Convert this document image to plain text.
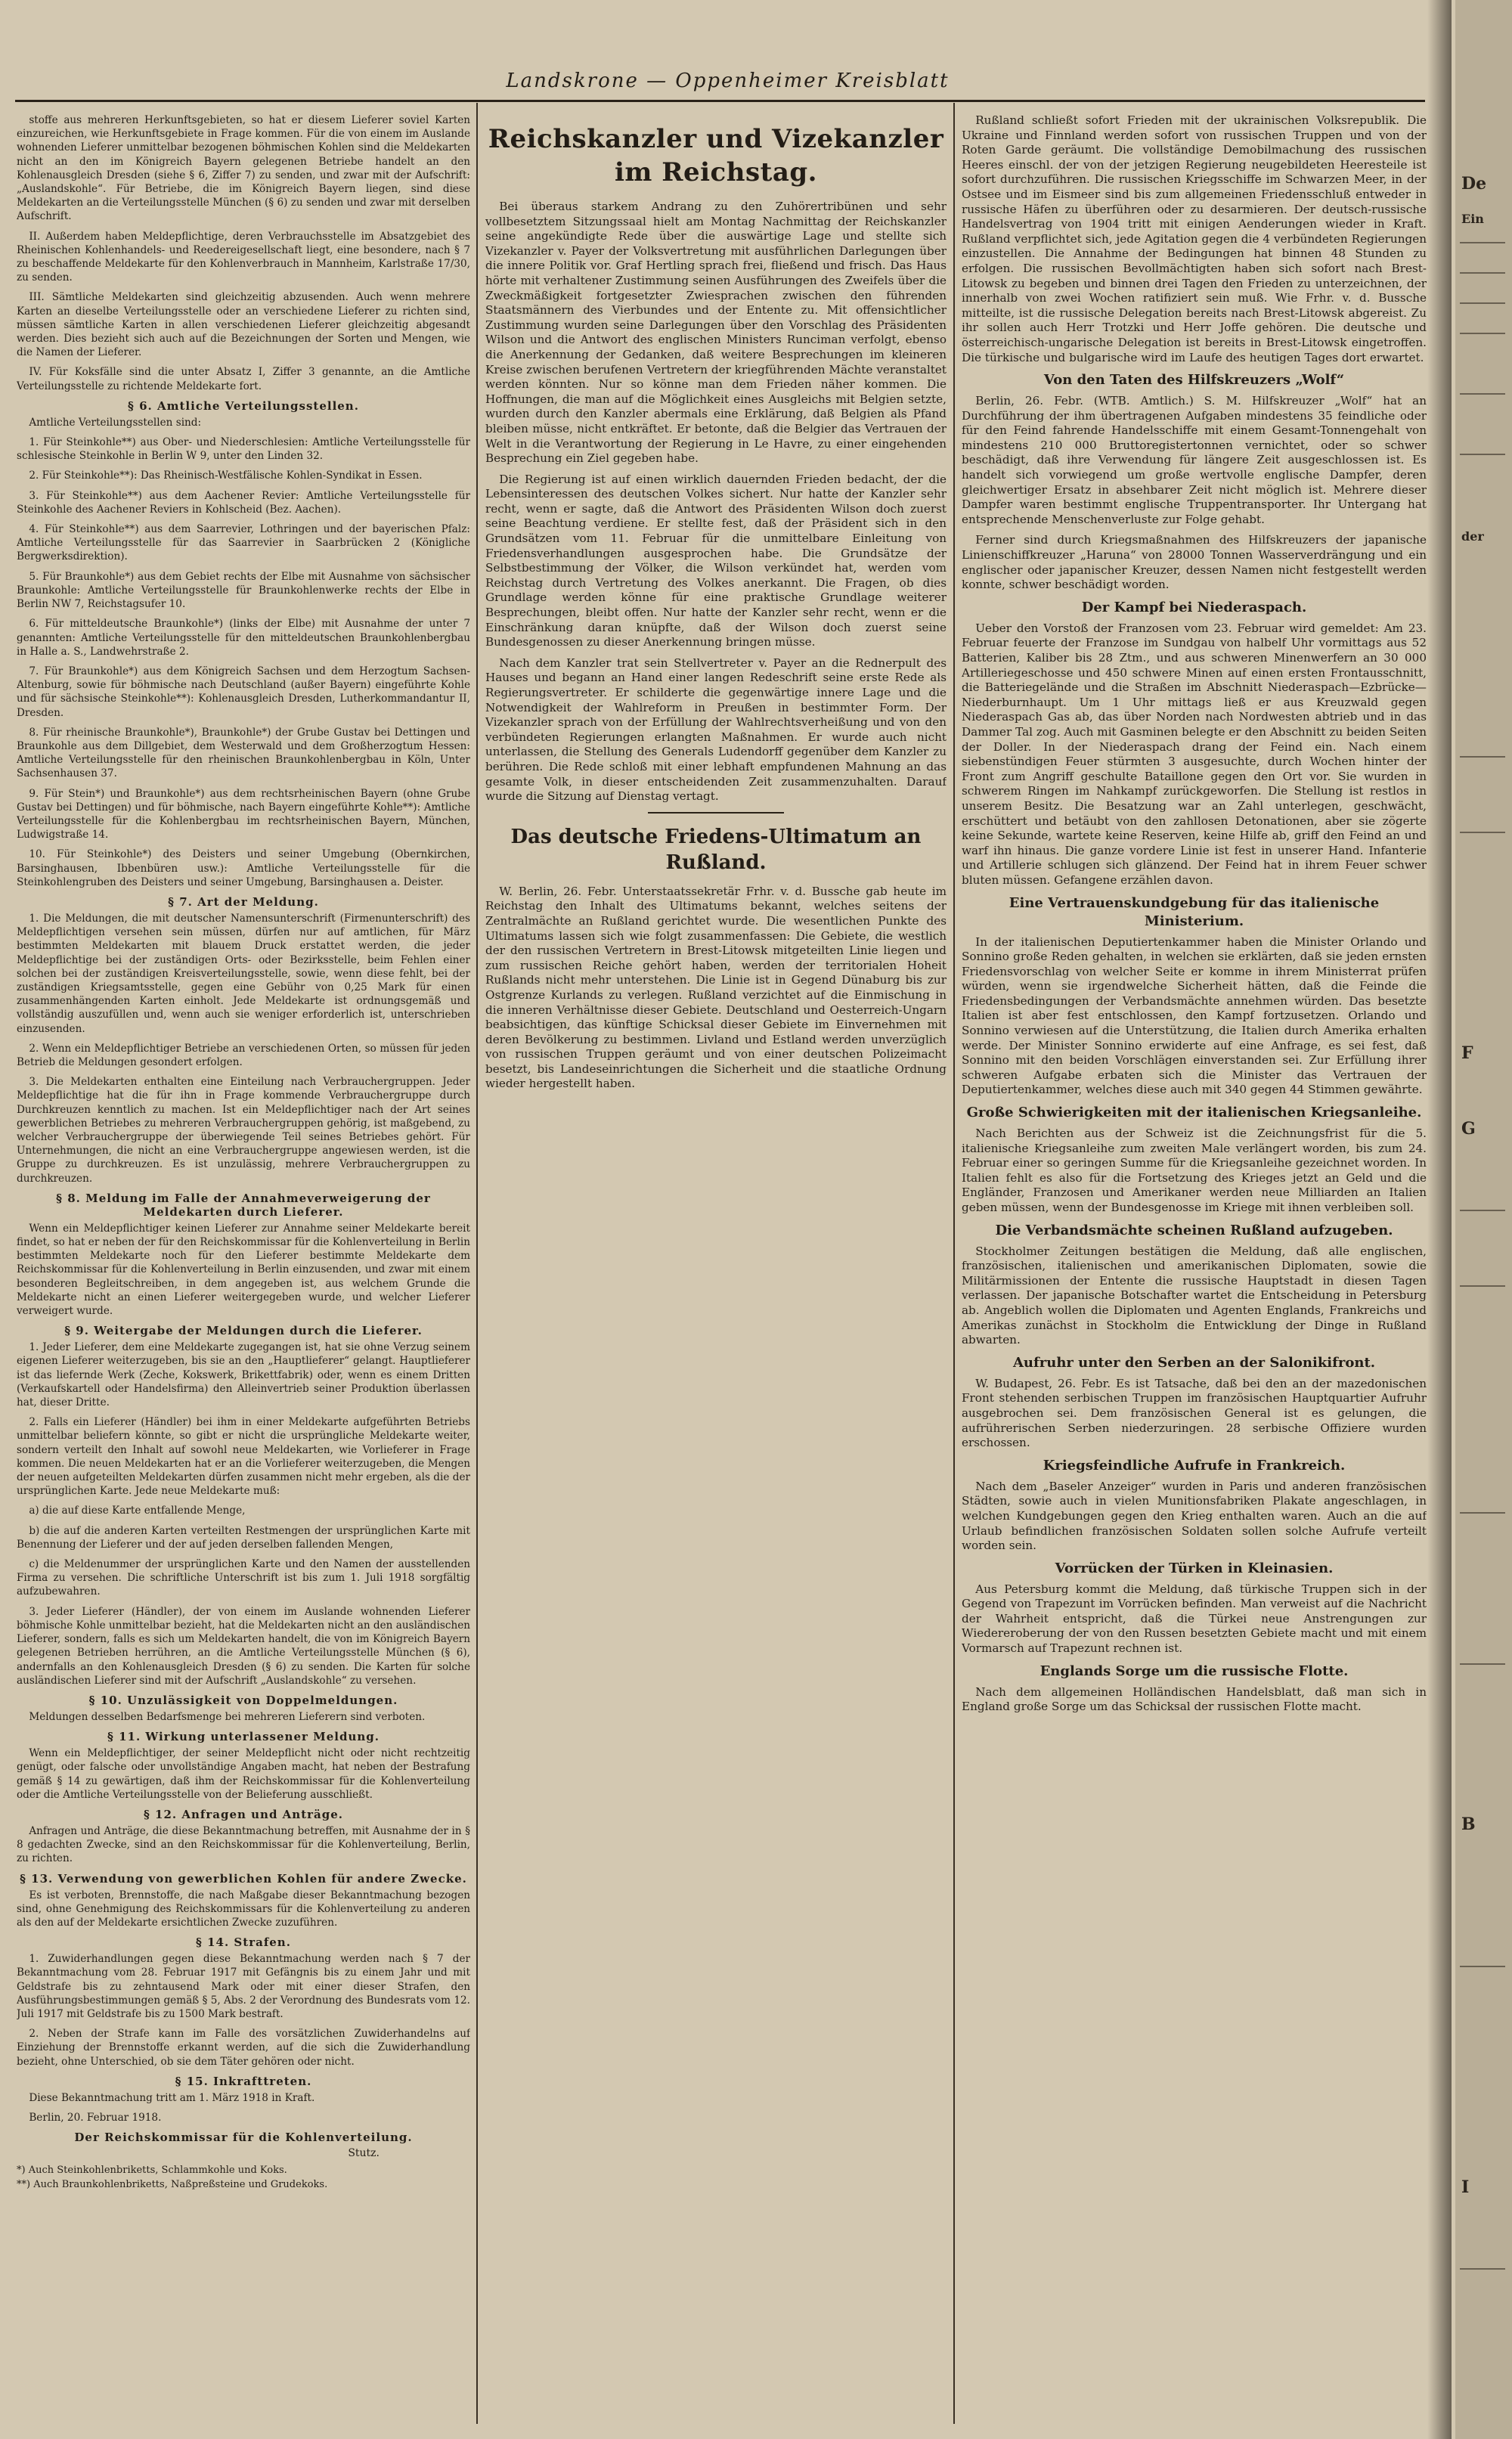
Landskrone — Oppenheimer Kreisblatt

stoffe aus mehreren Herkunftsgebieten, so hat er diesem Lieferer soviel Karten einzureichen, wie Herkunftsgebiete in Frage kommen. Für die von einem im Auslande wohnenden Lieferer unmittelbar bezogenen böhmischen Kohlen sind die Meldekarten nicht an den im Königreich Bayern gelegenen Betriebe handelt an den Kohlenausgleich Dresden (siehe § 6, Ziffer 7) zu senden, und zwar mit der Aufschrift: „Auslandskohle“. Für Betriebe, die im Königreich Bayern liegen, sind diese Meldekarten an die Verteilungsstelle München (§ 6) zu senden und zwar mit derselben Aufschrift.

II. Außerdem haben Meldepflichtige, deren Verbrauchsstelle im Absatzgebiet des Rheinischen Kohlenhandels- und Reedereigesellschaft liegt, eine besondere, nach § 7 zu beschaffende Meldekarte für den Kohlenverbrauch in Mannheim, Karlstraße 17/30, zu senden.

III. Sämtliche Meldekarten sind gleichzeitig abzusenden. Auch wenn mehrere Karten an dieselbe Verteilungsstelle oder an verschiedene Lieferer zu richten sind, müssen sämtliche Karten in allen verschiedenen Lieferer gleichzeitig abgesandt werden. Dies bezieht sich auch auf die Bezeichnungen der Sorten und Mengen, wie die Namen der Lieferer.

IV. Für Koksfälle sind die unter Absatz I, Ziffer 3 genannte, an die Amtliche Verteilungsstelle zu richtende Meldekarte fort.

§ 6. Amtliche Verteilungsstellen.

Amtliche Verteilungsstellen sind:

1. Für Steinkohle**) aus Ober- und Niederschlesien: Amtliche Verteilungsstelle für schlesische Steinkohle in Berlin W 9, unter den Linden 32.

2. Für Steinkohle**): Das Rheinisch-Westfälische Kohlen-Syndikat in Essen.

3. Für Steinkohle**) aus dem Aachener Revier: Amtliche Verteilungsstelle für Steinkohle des Aachener Reviers in Kohlscheid (Bez. Aachen).

4. Für Steinkohle**) aus dem Saarrevier, Lothringen und der bayerischen Pfalz: Amtliche Verteilungsstelle für das Saarrevier in Saarbrücken 2 (Königliche Bergwerksdirektion).

5. Für Braunkohle*) aus dem Gebiet rechts der Elbe mit Ausnahme von sächsischer Braunkohle: Amtliche Verteilungsstelle für Braunkohlenwerke rechts der Elbe in Berlin NW 7, Reichstagsufer 10.

6. Für mitteldeutsche Braunkohle*) (links der Elbe) mit Ausnahme der unter 7 genannten: Amtliche Verteilungsstelle für den mitteldeutschen Braunkohlenbergbau in Halle a. S., Landwehrstraße 2.

7. Für Braunkohle*) aus dem Königreich Sachsen und dem Herzogtum Sachsen-Altenburg, sowie für böhmische nach Deutschland (außer Bayern) eingeführte Kohle und für sächsische Steinkohle**): Kohlenausgleich Dresden, Lutherkommandantur II, Dresden.

8. Für rheinische Braunkohle*), Braunkohle*) der Grube Gustav bei Dettingen und Braunkohle aus dem Dillgebiet, dem Westerwald und dem Großherzogtum Hessen: Amtliche Verteilungsstelle für den rheinischen Braunkohlenbergbau in Köln, Unter Sachsenhausen 37.

9. Für Stein*) und Braunkohle*) aus dem rechtsrheinischen Bayern (ohne Grube Gustav bei Dettingen) und für böhmische, nach Bayern eingeführte Kohle**): Amtliche Verteilungsstelle für die Kohlenbergbau im rechtsrheinischen Bayern, München, Ludwigstraße 14.

10. Für Steinkohle*) des Deisters und seiner Umgebung (Obernkirchen, Barsinghausen, Ibbenbüren usw.): Amtliche Verteilungsstelle für die Steinkohlengruben des Deisters und seiner Umgebung, Barsinghausen a. Deister.

§ 7. Art der Meldung.

1. Die Meldungen, die mit deutscher Namensunterschrift (Firmenunterschrift) des Meldepflichtigen versehen sein müssen, dürfen nur auf amtlichen, für März bestimmten Meldekarten mit blauem Druck erstattet werden, die jeder Meldepflichtige bei der zuständigen Orts- oder Bezirksstelle, beim Fehlen einer solchen bei der zuständigen Kreisverteilungsstelle, sowie, wenn diese fehlt, bei der zuständigen Kriegsamtsstelle, gegen eine Gebühr von 0,25 Mark für einen zusammenhängenden Karten einholt. Jede Meldekarte ist ordnungsgemäß und vollständig auszufüllen und, wenn auch sie weniger erforderlich ist, unterschrieben einzusenden.

2. Wenn ein Meldepflichtiger Betriebe an verschiedenen Orten, so müssen für jeden Betrieb die Meldungen gesondert erfolgen.

3. Die Meldekarten enthalten eine Einteilung nach Verbrauchergruppen. Jeder Meldepflichtige hat die für ihn in Frage kommende Verbrauchergruppe durch Durchkreuzen kenntlich zu machen. Ist ein Meldepflichtiger nach der Art seines gewerblichen Betriebes zu mehreren Verbrauchergruppen gehörig, ist maßgebend, zu welcher Verbrauchergruppe der überwiegende Teil seines Betriebes gehört. Für Unternehmungen, die nicht an eine Verbrauchergruppe angewiesen werden, ist die Gruppe zu durchkreuzen. Es ist unzulässig, mehrere Verbrauchergruppen zu durchkreuzen.

§ 8. Meldung im Falle der Annahmeverweigerung der Meldekarten durch Lieferer.

Wenn ein Meldepflichtiger keinen Lieferer zur Annahme seiner Meldekarte bereit findet, so hat er neben der für den Reichskommissar für die Kohlenverteilung in Berlin bestimmten Meldekarte noch für den Lieferer bestimmte Meldekarte dem Reichskommissar für die Kohlenverteilung in Berlin einzusenden, und zwar mit einem besonderen Begleitschreiben, in dem angegeben ist, aus welchem Grunde die Meldekarte nicht an einen Lieferer weitergegeben wurde, und welcher Lieferer verweigert wurde.

§ 9. Weitergabe der Meldungen durch die Lieferer.

1. Jeder Lieferer, dem eine Meldekarte zugegangen ist, hat sie ohne Verzug seinem eigenen Lieferer weiterzugeben, bis sie an den „Hauptlieferer“ gelangt. Hauptlieferer ist das liefernde Werk (Zeche, Kokswerk, Brikettfabrik) oder, wenn es einem Dritten (Verkaufskartell oder Handelsfirma) den Alleinvertrieb seiner Produktion überlassen hat, dieser Dritte.

2. Falls ein Lieferer (Händler) bei ihm in einer Meldekarte aufgeführten Betriebs unmittelbar beliefern könnte, so gibt er nicht die ursprüngliche Meldekarte weiter, sondern verteilt den Inhalt auf sowohl neue Meldekarten, wie Vorlieferer in Frage kommen. Die neuen Meldekarten hat er an die Vorlieferer weiterzugeben, die Mengen der neuen aufgeteilten Meldekarten dürfen zusammen nicht mehr ergeben, als die der ursprünglichen Karte. Jede neue Meldekarte muß:

a) die auf diese Karte entfallende Menge,

b) die auf die anderen Karten verteilten Restmengen der ursprünglichen Karte mit Benennung der Lieferer und der auf jeden derselben fallenden Mengen,

c) die Meldenummer der ursprünglichen Karte und den Namen der ausstellenden Firma zu versehen. Die schriftliche Unterschrift ist bis zum 1. Juli 1918 sorgfältig aufzubewahren.

3. Jeder Lieferer (Händler), der von einem im Auslande wohnenden Lieferer böhmische Kohle unmittelbar bezieht, hat die Meldekarten nicht an den ausländischen Lieferer, sondern, falls es sich um Meldekarten handelt, die von im Königreich Bayern gelegenen Betrieben herrühren, an die Amtliche Verteilungsstelle München (§ 6), andernfalls an den Kohlenausgleich Dresden (§ 6) zu senden. Die Karten für solche ausländischen Lieferer sind mit der Aufschrift „Auslandskohle“ zu versehen.

§ 10. Unzulässigkeit von Doppelmeldungen.

Meldungen desselben Bedarfsmenge bei mehreren Lieferern sind verboten.

§ 11. Wirkung unterlassener Meldung.

Wenn ein Meldepflichtiger, der seiner Meldepflicht nicht oder nicht rechtzeitig genügt, oder falsche oder unvollständige Angaben macht, hat neben der Bestrafung gemäß § 14 zu gewärtigen, daß ihm der Reichskommissar für die Kohlenverteilung oder die Amtliche Verteilungsstelle von der Belieferung ausschließt.

§ 12. Anfragen und Anträge.

Anfragen und Anträge, die diese Bekanntmachung betreffen, mit Ausnahme der in § 8 gedachten Zwecke, sind an den Reichskommissar für die Kohlenverteilung, Berlin, zu richten.

§ 13. Verwendung von gewerblichen Kohlen für andere Zwecke.

Es ist verboten, Brennstoffe, die nach Maßgabe dieser Bekanntmachung bezogen sind, ohne Genehmigung des Reichskommissars für die Kohlenverteilung zu anderen als den auf der Meldekarte ersichtlichen Zwecke zuzuführen.

§ 14. Strafen.

1. Zuwiderhandlungen gegen diese Bekanntmachung werden nach § 7 der Bekanntmachung vom 28. Februar 1917 mit Gefängnis bis zu einem Jahr und mit Geldstrafe bis zu zehntausend Mark oder mit einer dieser Strafen, den Ausführungsbestimmungen gemäß § 5, Abs. 2 der Verordnung des Bundesrats vom 12. Juli 1917 mit Geldstrafe bis zu 1500 Mark bestraft.

2. Neben der Strafe kann im Falle des vorsätzlichen Zuwiderhandelns auf Einziehung der Brennstoffe erkannt werden, auf die sich die Zuwiderhandlung bezieht, ohne Unterschied, ob sie dem Täter gehören oder nicht.

§ 15. Inkrafttreten.

Diese Bekanntmachung tritt am 1. März 1918 in Kraft.

Berlin, 20. Februar 1918.

Der Reichskommissar für die Kohlenverteilung.
Stutz.
*) Auch Steinkohlenbriketts, Schlammkohle und Koks.
**) Auch Braunkohlenbriketts, Naßpreßsteine und Grudekoks.
Reichskanzler und Vizekanzler im Reichstag.

Bei überaus starkem Andrang zu den Zuhörertribünen und sehr vollbesetztem Sitzungssaal hielt am Montag Nachmittag der Reichskanzler seine angekündigte Rede über die auswärtige Lage und stellte sich Vizekanzler v. Payer der Volksvertretung mit ausführlichen Darlegungen über die innere Politik vor. Graf Hertling sprach frei, fließend und frisch. Das Haus hörte mit verhaltener Zustimmung seinen Ausführungen des Zweifels über die Zweckmäßigkeit fortgesetzter Zwiesprachen zwischen den führenden Staatsmännern des Vierbundes und der Entente zu. Mit offensichtlicher Zustimmung wurden seine Darlegungen über den Vorschlag des Präsidenten Wilson und die Antwort des englischen Ministers Runciman verfolgt, ebenso die Anerkennung der Gedanken, daß weitere Besprechungen im kleineren Kreise zwischen berufenen Vertretern der kriegführenden Mächte veranstaltet werden könnten. Nur so könne man dem Frieden näher kommen. Die Hoffnungen, die man auf die Möglichkeit eines Ausgleichs mit Belgien setzte, wurden durch den Kanzler abermals eine Erklärung, daß Belgien als Pfand bleiben müsse, nicht entkräftet. Er betonte, daß die Belgier das Vertrauen der Welt in die Verantwortung der Regierung in Le Havre, zu einer eingehenden Besprechung ein Ziel gegeben habe.

Die Regierung ist auf einen wirklich dauernden Frieden bedacht, der die Lebensinteressen des deutschen Volkes sichert. Nur hatte der Kanzler sehr recht, wenn er sagte, daß die Antwort des Präsidenten Wilson doch zuerst seine Beachtung verdiene. Er stellte fest, daß der Präsident sich in den Grundsätzen vom 11. Februar für die unmittelbare Einleitung von Friedensverhandlungen ausgesprochen habe. Die Grundsätze der Selbstbestimmung der Völker, die Wilson verkündet hat, werden vom Reichstag durch Vertretung des Volkes anerkannt. Die Fragen, ob dies Grundlage werden könne für eine praktische Grundlage weiterer Besprechungen, bleibt offen. Nur hatte der Kanzler sehr recht, wenn er die Einschränkung daran knüpfte, daß der Wilson doch zuerst seine Bundesgenossen zu dieser Anerkennung bringen müsse.

Nach dem Kanzler trat sein Stellvertreter v. Payer an die Rednerpult des Hauses und begann an Hand einer langen Redeschrift seine erste Rede als Regierungsvertreter. Er schilderte die gegenwärtige innere Lage und die Notwendigkeit der Wahlreform in Preußen in bestimmter Form. Der Vizekanzler sprach von der Erfüllung der Wahlrechtsverheißung und von den verbündeten Regierungen erlangten Maßnahmen. Er wurde auch nicht unterlassen, die Stellung des Generals Ludendorff gegenüber dem Kanzler zu berühren. Die Rede schloß mit einer lebhaft empfundenen Mahnung an das gesamte Volk, in dieser entscheidenden Zeit zusammenzuhalten. Darauf wurde die Sitzung auf Dienstag vertagt.

Das deutsche Friedens-Ultimatum an Rußland.

W. Berlin, 26. Febr. Unterstaatssekretär Frhr. v. d. Bussche gab heute im Reichstag den Inhalt des Ultimatums bekannt, welches seitens der Zentralmächte an Rußland gerichtet wurde. Die wesentlichen Punkte des Ultimatums lassen sich wie folgt zusammenfassen: Die Gebiete, die westlich der den russischen Vertretern in Brest-Litowsk mitgeteilten Linie liegen und zum russischen Reiche gehört haben, werden der territorialen Hoheit Rußlands nicht mehr unterstehen. Die Linie ist in Gegend Dünaburg bis zur Ostgrenze Kurlands zu verlegen. Rußland verzichtet auf die Einmischung in die inneren Verhältnisse dieser Gebiete. Deutschland und Oesterreich-Ungarn beabsichtigen, das künftige Schicksal dieser Gebiete im Einvernehmen mit deren Bevölkerung zu bestimmen. Livland und Estland werden unverzüglich von russischen Truppen geräumt und von einer deutschen Polizeimacht besetzt, bis Landeseinrichtungen die Sicherheit und die staatliche Ordnung wieder hergestellt haben.

Rußland schließt sofort Frieden mit der ukrainischen Volksrepublik. Die Ukraine und Finnland werden sofort von russischen Truppen und von der Roten Garde geräumt. Die vollständige Demobilmachung des russischen Heeres einschl. der von der jetzigen Regierung neugebildeten Heeresteile ist sofort durchzuführen. Die russischen Kriegsschiffe im Schwarzen Meer, in der Ostsee und im Eismeer sind bis zum allgemeinen Friedensschluß entweder in russische Häfen zu überführen oder zu desarmieren. Der deutsch-russische Handelsvertrag von 1904 tritt mit einigen Aenderungen wieder in Kraft. Rußland verpflichtet sich, jede Agitation gegen die 4 verbündeten Regierungen einzustellen. Die Annahme der Bedingungen hat binnen 48 Stunden zu erfolgen. Die russischen Bevollmächtigten haben sich sofort nach Brest-Litowsk zu begeben und binnen drei Tagen den Frieden zu unterzeichnen, der innerhalb von zwei Wochen ratifiziert sein muß. Wie Frhr. v. d. Bussche mitteilte, ist die russische Delegation bereits nach Brest-Litowsk abgereist. Zu ihr sollen auch Herr Trotzki und Herr Joffe gehören. Die deutsche und österreichisch-ungarische Delegation ist bereits in Brest-Litowsk eingetroffen. Die türkische und bulgarische wird im Laufe des heutigen Tages dort erwartet.

Von den Taten des Hilfskreuzers „Wolf“

Berlin, 26. Febr. (WTB. Amtlich.) S. M. Hilfskreuzer „Wolf“ hat an Durchführung der ihm übertragenen Aufgaben mindestens 35 feindliche oder für den Feind fahrende Handelsschiffe mit einem Gesamt-Tonnengehalt von mindestens 210 000 Bruttoregistertonnen vernichtet, oder so schwer beschädigt, daß ihre Verwendung für längere Zeit ausgeschlossen ist. Es handelt sich vorwiegend um große wertvolle englische Dampfer, deren gleichwertiger Ersatz in absehbarer Zeit nicht möglich ist. Mehrere dieser Dampfer waren bestimmt englische Truppentransporter. Ihr Untergang hat entsprechende Menschenverluste zur Folge gehabt.

Ferner sind durch Kriegsmaßnahmen des Hilfskreuzers der japanische Linienschiffkreuzer „Haruna“ von 28000 Tonnen Wasserverdrängung und ein englischer oder japanischer Kreuzer, dessen Namen nicht festgestellt werden konnte, schwer beschädigt worden.

Der Kampf bei Niederaspach.

Ueber den Vorstoß der Franzosen vom 23. Februar wird gemeldet: Am 23. Februar feuerte der Franzose im Sundgau von halbelf Uhr vormittags aus 52 Batterien, Kaliber bis 28 Ztm., und aus schweren Minenwerfern an 30 000 Artilleriegeschosse und 450 schwere Minen auf einen ersten Frontausschnitt, die Batteriegelände und die Straßen im Abschnitt Niederaspach—Ezbrücke—Niederburnhaupt. Um 1 Uhr mittags ließ er aus Kreuzwald gegen Niederaspach Gas ab, das über Norden nach Nordwesten abtrieb und in das Dammer Tal zog. Auch mit Gasminen belegte er den Abschnitt zu beiden Seiten der Doller. In der Niederaspach drang der Feind ein. Nach einem siebenstündigen Feuer stürmten 3 ausgesuchte, durch Wochen hinter der Front zum Angriff geschulte Bataillone gegen den Ort vor. Sie wurden in schwerem Ringen im Nahkampf zurückgeworfen. Die Stellung ist restlos in unserem Besitz. Die Besatzung war an Zahl unterlegen, geschwächt, erschüttert und betäubt von den zahllosen Detonationen, aber sie zögerte keine Sekunde, wartete keine Reserven, keine Hilfe ab, griff den Feind an und warf ihn hinaus. Die ganze vordere Linie ist fest in unserer Hand. Infanterie und Artillerie schlugen sich glänzend. Der Feind hat in ihrem Feuer schwer bluten müssen. Gefangene erzählen davon.

Eine Vertrauenskundgebung für das italienische Ministerium.

In der italienischen Deputiertenkammer haben die Minister Orlando und Sonnino große Reden gehalten, in welchen sie erklärten, daß sie jeden ernsten Friedensvorschlag von welcher Seite er komme in ihrem Ministerrat prüfen würden, wenn sie irgendwelche Sicherheit hätten, daß die Feinde die Friedensbedingungen der Verbandsmächte annehmen würden. Das besetzte Italien ist aber fest entschlossen, den Kampf fortzusetzen. Orlando und Sonnino verwiesen auf die Unterstützung, die Italien durch Amerika erhalten werde. Der Minister Sonnino erwiderte auf eine Anfrage, es sei fest, daß Sonnino mit den beiden Vorschlägen einverstanden sei. Zur Erfüllung ihrer schweren Aufgabe erbaten sich die Minister das Vertrauen der Deputiertenkammer, welches diese auch mit 340 gegen 44 Stimmen gewährte.

Große Schwierigkeiten mit der italienischen Kriegsanleihe.

Nach Berichten aus der Schweiz ist die Zeichnungsfrist für die 5. italienische Kriegsanleihe zum zweiten Male verlängert worden, bis zum 24. Februar einer so geringen Summe für die Kriegsanleihe gezeichnet worden. In Italien fehlt es also für die Fortsetzung des Krieges jetzt an Geld und die Engländer, Franzosen und Amerikaner werden neue Milliarden an Italien geben müssen, wenn der Bundesgenosse im Kriege mit ihnen verbleiben soll.

Die Verbandsmächte scheinen Rußland aufzugeben.

Stockholmer Zeitungen bestätigen die Meldung, daß alle englischen, französischen, italienischen und amerikanischen Diplomaten, sowie die Militärmissionen der Entente die russische Hauptstadt in diesen Tagen verlassen. Der japanische Botschafter wartet die Entscheidung in Petersburg ab. Angeblich wollen die Diplomaten und Agenten Englands, Frankreichs und Amerikas zunächst in Stockholm die Entwicklung der Dinge in Rußland abwarten.

Aufruhr unter den Serben an der Salonikifront.

W. Budapest, 26. Febr. Es ist Tatsache, daß bei den an der mazedonischen Front stehenden serbischen Truppen im französischen Hauptquartier Aufruhr ausgebrochen sei. Dem französischen General ist es gelungen, die aufrührerischen Serben niederzuringen. 28 serbische Offiziere wurden erschossen.

Kriegsfeindliche Aufrufe in Frankreich.

Nach dem „Baseler Anzeiger“ wurden in Paris und anderen französischen Städten, sowie auch in vielen Munitionsfabriken Plakate angeschlagen, in welchen Kundgebungen gegen den Krieg enthalten waren. Auch an die auf Urlaub befindlichen französischen Soldaten sollen solche Aufrufe verteilt worden sein.

Vorrücken der Türken in Kleinasien.

Aus Petersburg kommt die Meldung, daß türkische Truppen sich in der Gegend von Trapezunt im Vorrücken befinden. Man verweist auf die Nachricht der Wahrheit entspricht, daß die Türkei neue Anstrengungen zur Wiedereroberung der von den Russen besetzten Gebiete macht und mit einem Vormarsch auf Trapezunt rechnen ist.

Englands Sorge um die russische Flotte.

Nach dem allgemeinen Holländischen Handelsblatt, daß man sich in England große Sorge um das Schicksal der russischen Flotte macht.

De
Ein
der
F
G
B
I
